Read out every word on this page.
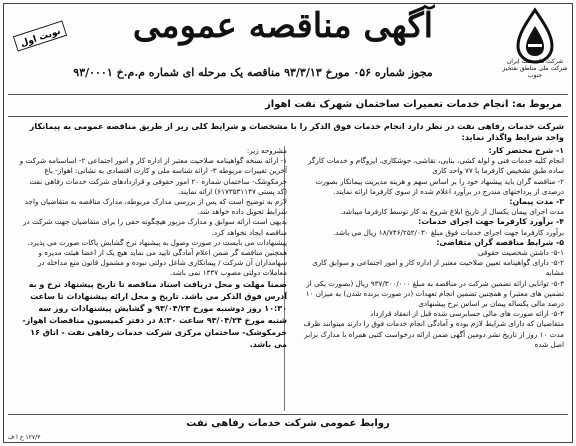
آگهی مناقصه عمومی
شرکت ملی نفت ایران شرکت ملی مناطق نفتخیز جنوب
نوبت اول
مجوز شماره ۰۵۶ مورخ ۹۳/۳/۱۳ مناقصه یک مرحله ای شماره م.م.خ ۹۳/۰۰۰۱
مربوط به: انجام خدمات تعمیرات ساختمان شهرک نفت اهواز
شرکت خدمات رفاهی نفت در نظر دارد انجام خدمات فوق الذکر را با مشخصات و شرایط کلی زیر از طریق مناقصه عمومی به پیمانکار واجد شرایط واگذار نماید:

۱- شرح مختصر کار:

انجام کلیه خدمات فنی و لوله کشی، بنایی، نقاشی، جوشکاری، ایزوگام و خدمات کارگر ساده طبق تشخیص کارفرما با ۷۷ واحد کاری

۲- مناقصه گران باید پیشنهاد خود را بر اساس سهم و هزینه مدیریت پیمانکار بصورت درصدی از پرداختهای مندرج در برآورد اعلام شده از سوی کارفرما ارائه نمایند.

۳- مدت پیمان:

مدت اجرای پیمان یکسال از تاریخ ابلاغ شروع به کار توسط کارفرما میباشد.

۴- برآورد کارفرما جهت اجرای خدمات:

برآورد کارفرما جهت اجرای خدمات فوق مبلغ ۱۸/۷۴۶/۲۵۲/۰۳۰ ریال می باشد.

۵- شرایط مناقصه گران متقاضی:

۵-۱- داشتن شخصیت حقوقی

۵-۲- دارای گواهینامه تعیین صلاحیت معتبر از اداره کار و امور اجتماعی و سوابق کاری مشابه

۵-۳- توانایی ارائه تضمین شرکت در مناقصه به مبلغ ۹۳۷/۳۰۰/۰۰۰ ریال (بصورت یکی از تضمین های معتبر) و همچنین تضمین انجام تعهدات (در صورت برنده شدن) به میزان ۱۰ درصد مالی یکساله پیمان بر اساس نرخ پیشنهادی

۵-۴- ارائه صورت های مالی حسابرسی شده قبل از انعقاد قرارداد

متقاضیان که دارای شرایط لازم بوده و آمادگی انجام خدمات فوق را دارند میتوانند ظرف مدت ۱۰ روز از تاریخ نشر دومین آگهی ضمن ارائه درخواست کتبی همراه با مدارک برابر اصل شده

مشروحه زیر:

۱- ارائه نسخه گواهینامه صلاحیت معتبر از اداره کار و امور اجتماعی ۲- اساسنامه شرکت و آخرین تغییرات مربوطه ۳- ارائه شناسه ملی و کارت اقتصادی به نشانی: اهواز- باغ خرمکوشک- ساختمان شماره ۲۰ امور حقوقی و قراردادهای شرکت خدمات رفاهی نفت (کد پستی ۶۱۷۳۵۳۱۱۴۷) ارائه نمایند.

لازم به توضیح است که پس از بررسی مدارک مربوطه، مدارک مناقصه به متقاضیان واجد شرایط تحویل داده خواهد شد.

بدیهی است ارائه سوابق و مدارک مزبور هیچگونه حقی را برای متقاضیان جهت شرکت در مناقصه ایجاد نخواهد کرد.

پیشنهادات می بایست در صورت وصول به پیشنهاد نرخ گشایش پاکات صورت می پذیرد.

همچنین مناقصه گر ضمن اعلام آمادگی تایید می نماید هیچ یک از اعضا هیئت مدیره و سهامداران آن شرکت / پیمانکاری شاغل دولتی نبوده و مشمول قانون منع مداخله در معاملات دولتی مصوب ۱۳۳۷ نمی باشد.

ضمنا مهلت و محل دریافت اسناد مناقصه تا تاریخ پیشنهاد نرخ و به آدرس فوق الذکر می باشد. تاریخ و محل ارائه پیشنهادات تا ساعت ۱۰:۳۰ روز دوشنبه مورخ ۹۳/۰۴/۲۳ و گشایش پیشنهادات روز سه شنبه مورخ ۹۳/۰۴/۲۴ ساعت ۸:۳۰ در دفتر کمیسیون مناقصات اهواز- خرمکوشک- ساختمان مرکزی شرکت خدمات رفاهی نفت - اتاق ۱۶ می باشد.

روابط عمومی شرکت خدمات رفاهی نفت
۱۲۷/۳ خ ا ف
